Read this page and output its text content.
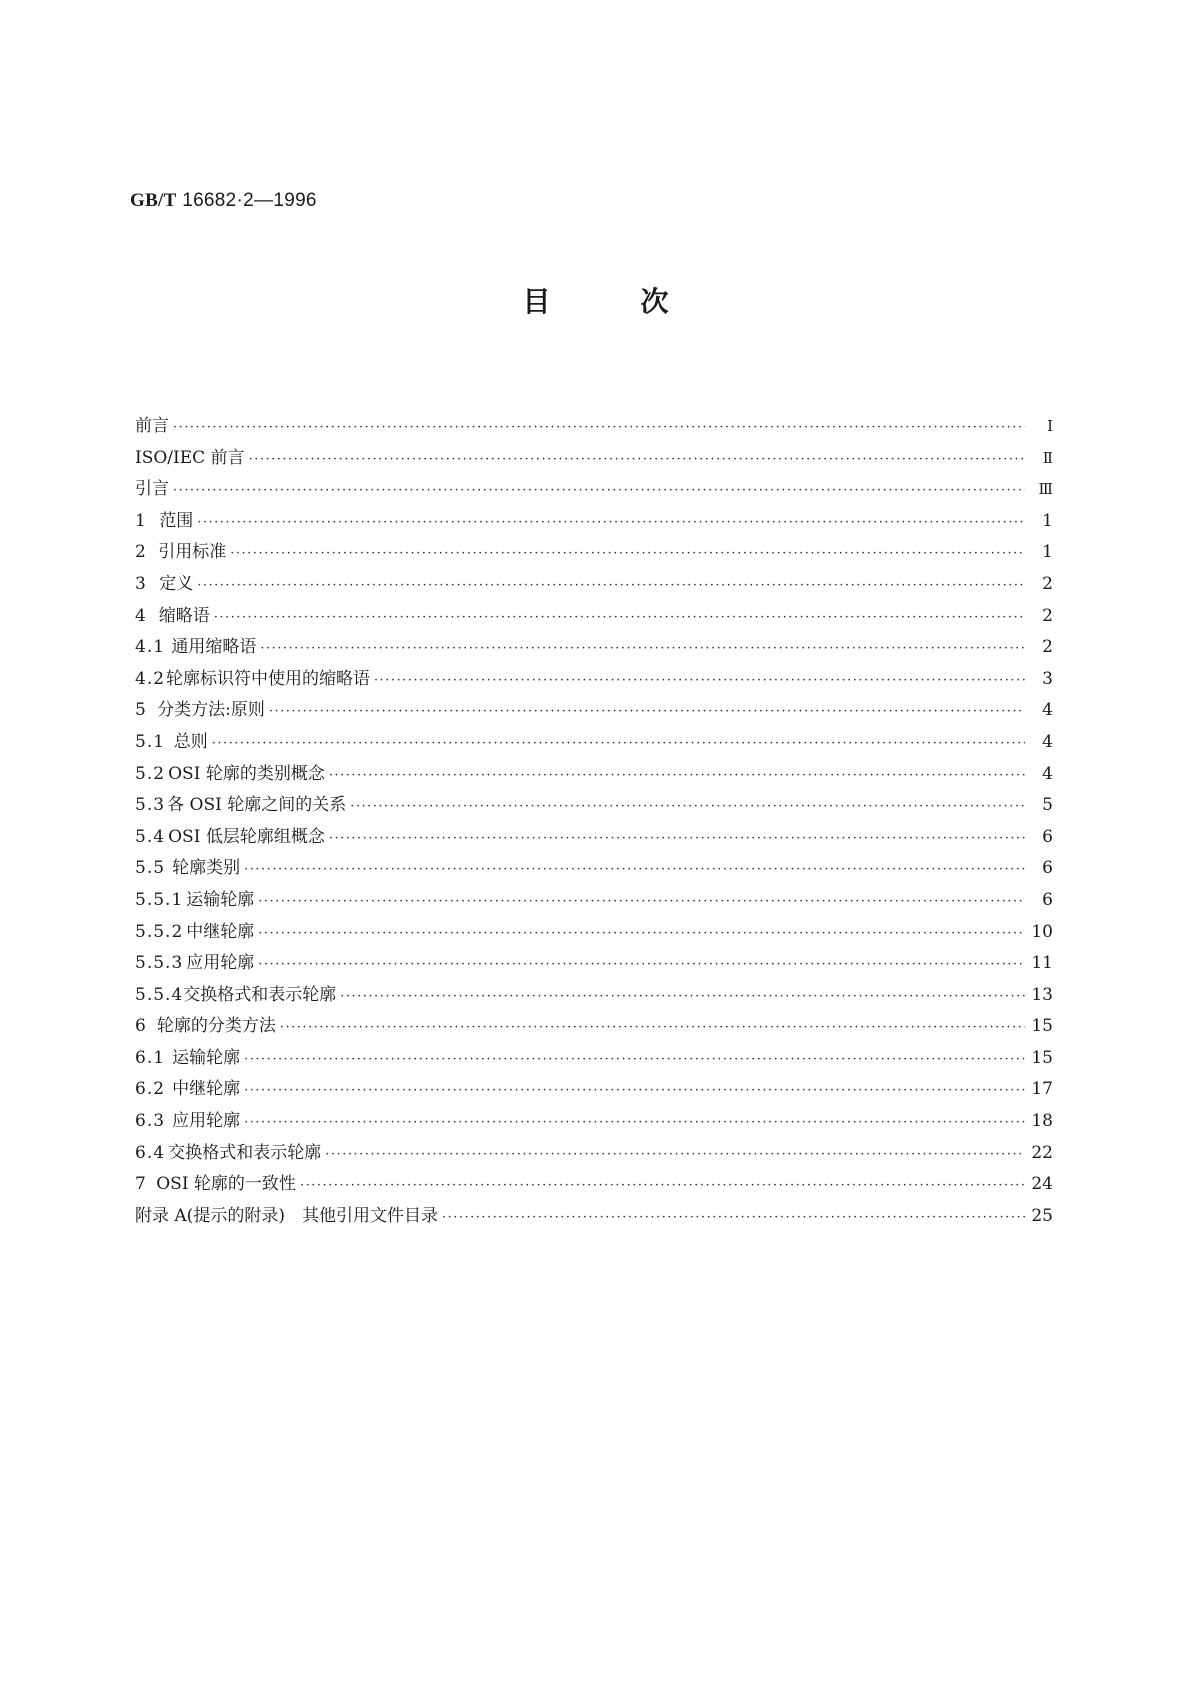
GB/T 16682·2—1996
目	次
前言 ·····	Ⅰ
ISO/IEC 前言 ·····	Ⅱ
引言 ·····	Ⅲ
1 范围 ·····	1
2 引用标准 ·····	1
3 定义 ·····	2
4 缩略语 ·····	2
4.1 通用缩略语 ·····	2
4.2 轮廓标识符中使用的缩略语 ·····	3
5 分类方法:原则 ·····	4
5.1 总则 ·····	4
5.2 OSI 轮廓的类别概念 ·····	4
5.3 各 OSI 轮廓之间的关系 ·····	5
5.4 OSI 低层轮廓组概念 ·····	6
5.5 轮廓类别 ·····	6
5.5.1 运输轮廓 ·····	6
5.5.2 中继轮廓 ·····	10
5.5.3 应用轮廓 ·····	11
5.5.4 交换格式和表示轮廓 ·····	13
6 轮廓的分类方法 ·····	15
6.1 运输轮廓 ·····	15
6.2 中继轮廓 ·····	17
6.3 应用轮廓 ·····	18
6.4 交换格式和表示轮廓 ·····	22
7 OSI 轮廓的一致性 ·····	24
附录 A(提示的附录)　其他引用文件目录 ·····	25
